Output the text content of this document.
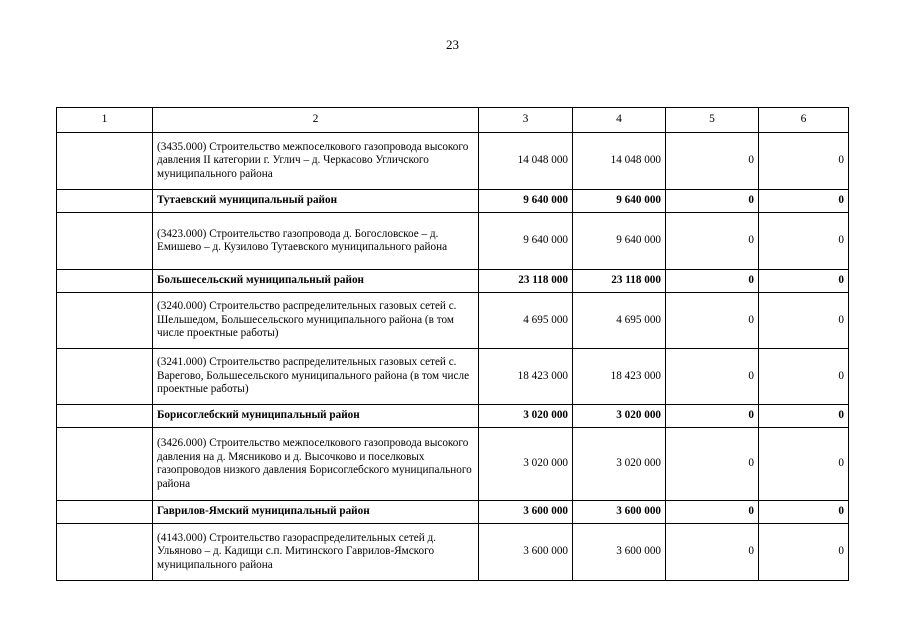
23
1	2	3	4	5	6
	(3435.000) Строительство межпоселкового газопровода высокого давления II категории г. Углич – д. Черкасово Угличского муниципального района	14 048 000	14 048 000	0	0
	Тутаевский муниципальный район	9 640 000	9 640 000	0	0
	(3423.000) Строительство газопровода д. Богословское – д. Емишево – д. Кузилово Тутаевского муниципального района	9 640 000	9 640 000	0	0
	Большесельский муниципальный район	23 118 000	23 118 000	0	0
	(3240.000) Строительство распределительных газовых сетей с. Шельшедом, Большесельского муниципального района (в том числе проектные работы)	4 695 000	4 695 000	0	0
	(3241.000) Строительство распределительных газовых сетей с. Варегово, Большесельского муниципального района (в том числе проектные работы)	18 423 000	18 423 000	0	0
	Борисоглебский муниципальный район	3 020 000	3 020 000	0	0
	(3426.000) Строительство межпоселкового газопровода высокого давления на д. Мясниково и д. Высочково и поселковых газопроводов низкого давления Борисоглебского муниципального района	3 020 000	3 020 000	0	0
	Гаврилов-Ямский муниципальный район	3 600 000	3 600 000	0	0
	(4143.000) Строительство газораспределительных сетей д. Ульяново – д. Кадищи с.п. Митинского Гаврилов-Ямского муниципального района	3 600 000	3 600 000	0	0
